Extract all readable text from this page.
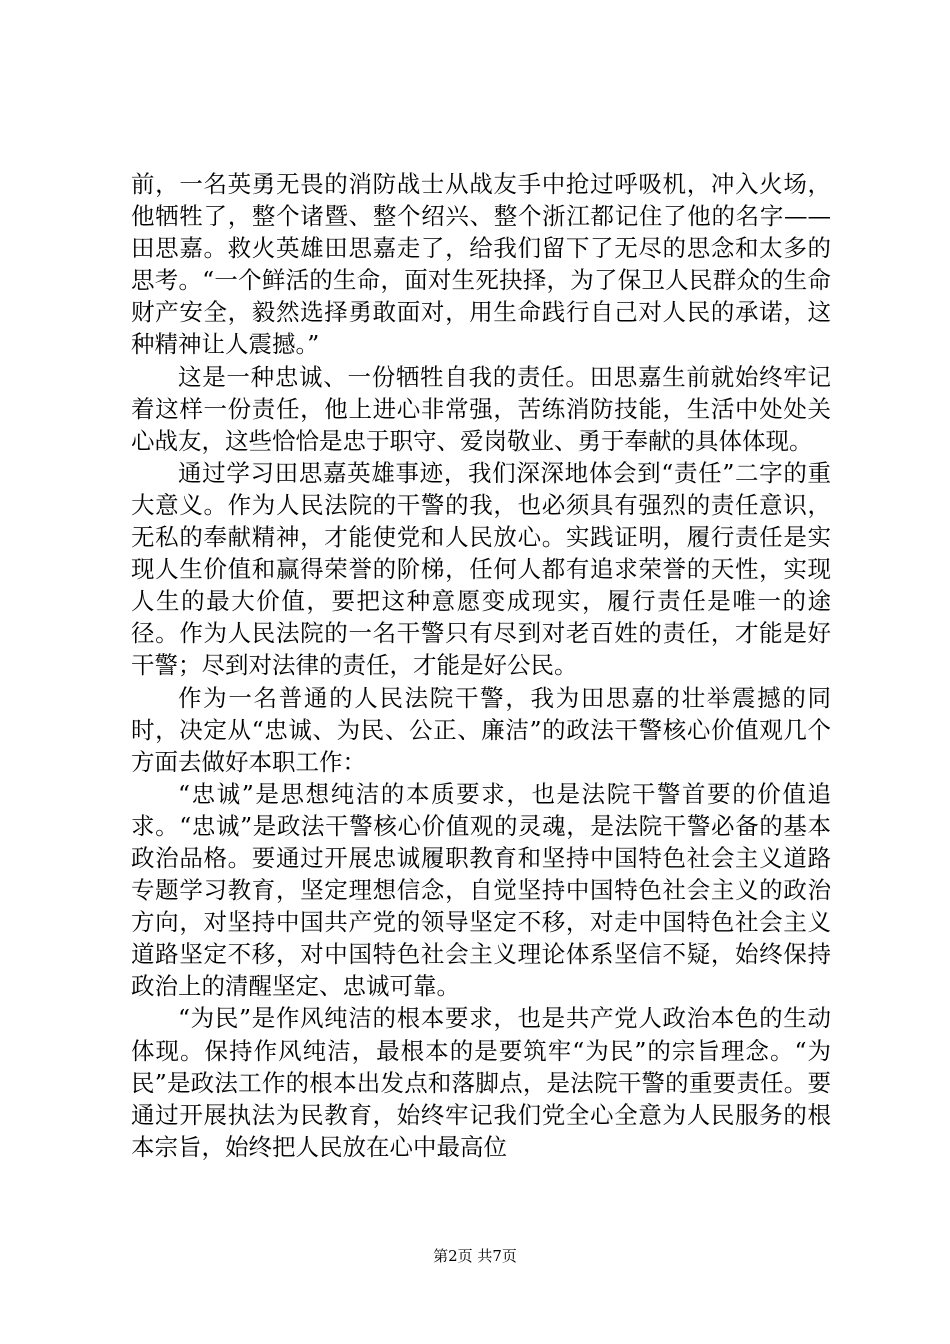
前，一名英勇无畏的消防战士从战友手中抢过呼吸机，冲入火场，他牺牲了，整个诸暨、整个绍兴、整个浙江都记住了他的名字——田思嘉。救火英雄田思嘉走了，给我们留下了无尽的思念和太多的思考。“一个鲜活的生命，面对生死抉择，为了保卫人民群众的生命财产安全，毅然选择勇敢面对，用生命践行自己对人民的承诺，这种精神让人震撼。”

这是一种忠诚、一份牺牲自我的责任。田思嘉生前就始终牢记着这样一份责任，他上进心非常强，苦练消防技能，生活中处处关心战友，这些恰恰是忠于职守、爱岗敬业、勇于奉献的具体体现。

通过学习田思嘉英雄事迹，我们深深地体会到“责任”二字的重大意义。作为人民法院的干警的我，也必须具有强烈的责任意识，无私的奉献精神，才能使党和人民放心。实践证明，履行责任是实现人生价值和赢得荣誉的阶梯，任何人都有追求荣誉的天性，实现人生的最大价值，要把这种意愿变成现实，履行责任是唯一的途径。作为人民法院的一名干警只有尽到对老百姓的责任，才能是好干警；尽到对法律的责任，才能是好公民。

作为一名普通的人民法院干警，我为田思嘉的壮举震撼的同时，决定从“忠诚、为民、公正、廉洁”的政法干警核心价值观几个方面去做好本职工作：

“忠诚”是思想纯洁的本质要求，也是法院干警首要的价值追求。“忠诚”是政法干警核心价值观的灵魂，是法院干警必备的基本政治品格。要通过开展忠诚履职教育和坚持中国特色社会主义道路专题学习教育，坚定理想信念，自觉坚持中国特色社会主义的政治方向，对坚持中国共产党的领导坚定不移，对走中国特色社会主义道路坚定不移，对中国特色社会主义理论体系坚信不疑，始终保持政治上的清醒坚定、忠诚可靠。

“为民”是作风纯洁的根本要求，也是共产党人政治本色的生动体现。保持作风纯洁，最根本的是要筑牢“为民”的宗旨理念。“为民”是政法工作的根本出发点和落脚点，是法院干警的重要责任。要通过开展执法为民教育，始终牢记我们党全心全意为人民服务的根本宗旨，始终把人民放在心中最高位

第2页 共7页
